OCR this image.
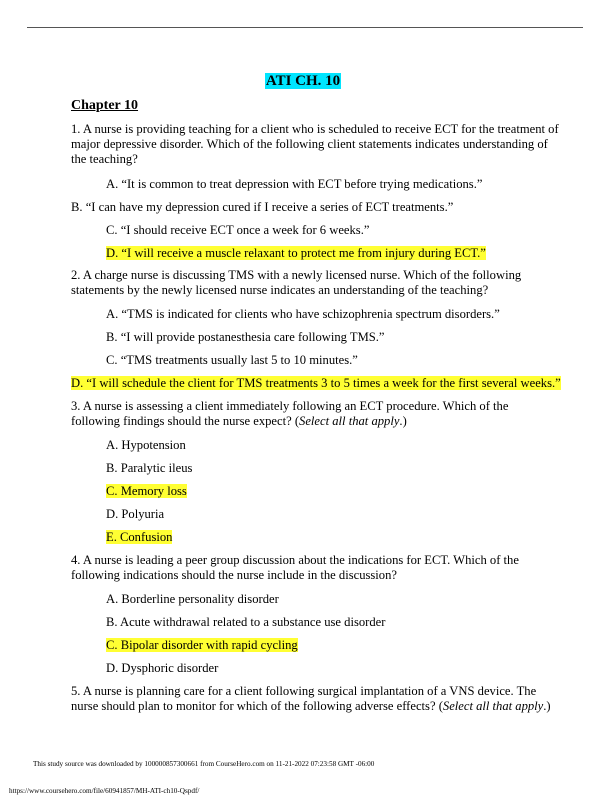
ATI CH. 10
Chapter 10
1. A nurse is providing teaching for a client who is scheduled to receive ECT for the treatment of
major depressive disorder. Which of the following client statements indicates understanding of
the teaching?
A. “It is common to treat depression with ECT before trying medications.”
B. “I can have my depression cured if I receive a series of ECT treatments.”
C. “I should receive ECT once a week for 6 weeks.”
D. “I will receive a muscle relaxant to protect me from injury during ECT.”
2. A charge nurse is discussing TMS with a newly licensed nurse. Which of the following
statements by the newly licensed nurse indicates an understanding of the teaching?
A. “TMS is indicated for clients who have schizophrenia spectrum disorders.”
B. “I will provide postanesthesia care following TMS.”
C. “TMS treatments usually last 5 to 10 minutes.”
D. “I will schedule the client for TMS treatments 3 to 5 times a week for the first several weeks.”
3. A nurse is assessing a client immediately following an ECT procedure. Which of the
following findings should the nurse expect? (Select all that apply.)
A. Hypotension
B. Paralytic ileus
C. Memory loss
D. Polyuria
E. Confusion
4. A nurse is leading a peer group discussion about the indications for ECT. Which of the
following indications should the nurse include in the discussion?
A. Borderline personality disorder
B. Acute withdrawal related to a substance use disorder
C. Bipolar disorder with rapid cycling
D. Dysphoric disorder
5. A nurse is planning care for a client following surgical implantation of a VNS device. The
nurse should plan to monitor for which of the following adverse effects? (Select all that apply.)
This study source was downloaded by 100000857300661 from CourseHero.com on 11-21-2022 07:23:58 GMT -06:00
https://www.coursehero.com/file/60941857/MH-ATI-ch10-Qspdf/
